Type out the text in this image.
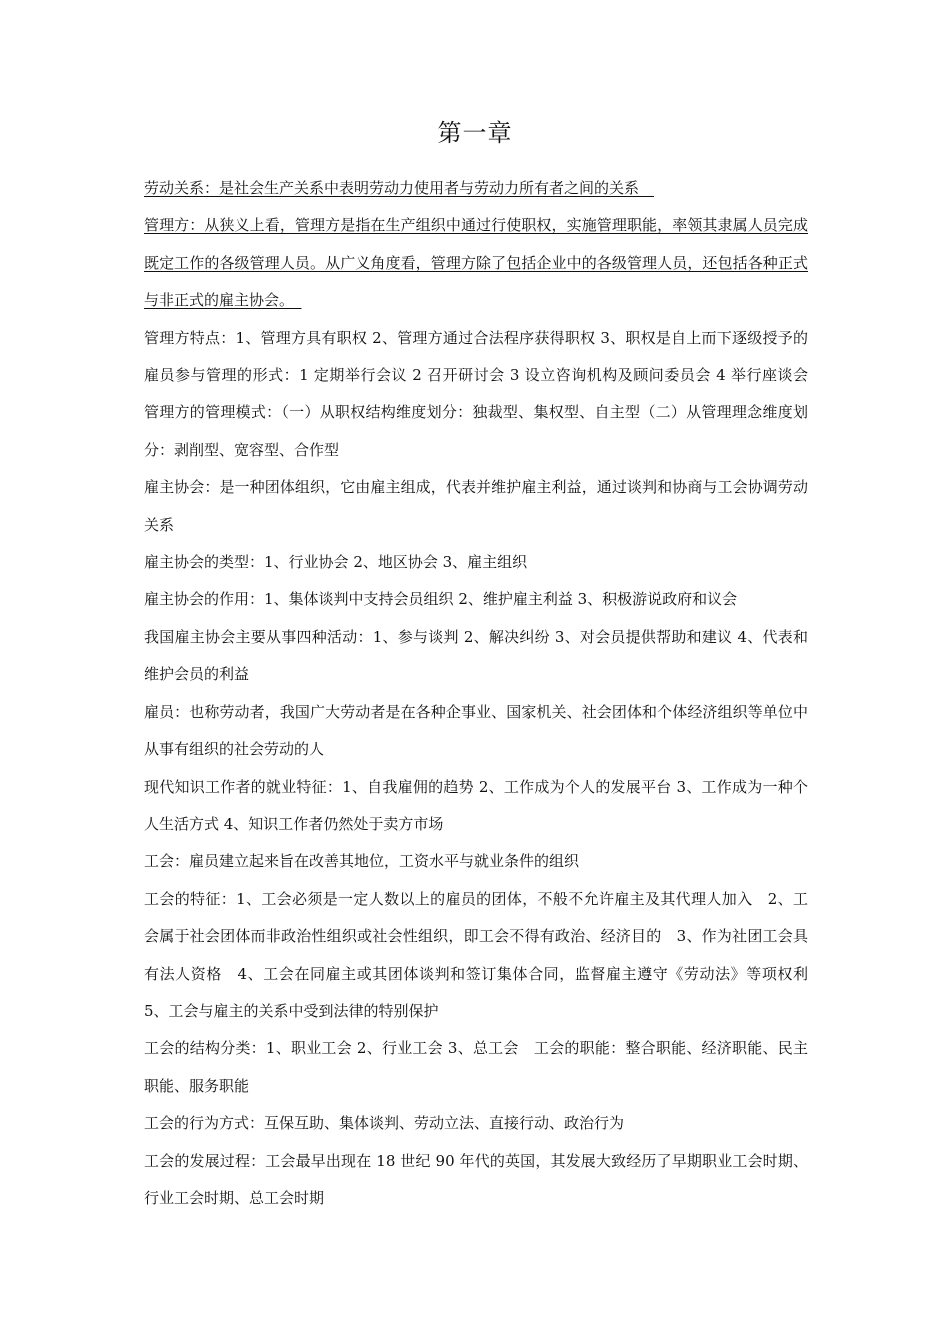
第一章

劳动关系：是社会生产关系中表明劳动力使用者与劳动力所有者之间的关系　

管理方：从狭义上看，管理方是指在生产组织中通过行使职权，实施管理职能，率领其隶属人员完成既定工作的各级管理人员。从广义角度看，管理方除了包括企业中的各级管理人员，还包括各种正式与非正式的雇主协会。　

管理方特点：1、管理方具有职权 2、管理方通过合法程序获得职权 3、职权是自上而下逐级授予的　雇员参与管理的形式：1 定期举行会议 2 召开研讨会 3 设立咨询机构及顾问委员会 4 举行座谈会　管理方的管理模式：（一）从职权结构维度划分：独裁型、集权型、自主型（二）从管理理念维度划分：剥削型、宽容型、合作型

雇主协会：是一种团体组织，它由雇主组成，代表并维护雇主利益，通过谈判和协商与工会协调劳动关系

雇主协会的类型：1、行业协会 2、地区协会 3、雇主组织

雇主协会的作用：1、集体谈判中支持会员组织 2、维护雇主利益 3、积极游说政府和议会

我国雇主协会主要从事四种活动：1、参与谈判 2、解决纠纷 3、对会员提供帮助和建议 4、代表和维护会员的利益

雇员：也称劳动者，我国广大劳动者是在各种企事业、国家机关、社会团体和个体经济组织等单位中从事有组织的社会劳动的人

现代知识工作者的就业特征：1、自我雇佣的趋势 2、工作成为个人的发展平台 3、工作成为一种个人生活方式 4、知识工作者仍然处于卖方市场

工会：雇员建立起来旨在改善其地位，工资水平与就业条件的组织

工会的特征：1、工会必须是一定人数以上的雇员的团体，不般不允许雇主及其代理人加入　2、工会属于社会团体而非政治性组织或社会性组织，即工会不得有政治、经济目的　3、作为社团工会具有法人资格　4、工会在同雇主或其团体谈判和签订集体合同，监督雇主遵守《劳动法》等项权利　5、工会与雇主的关系中受到法律的特别保护

工会的结构分类：1、职业工会 2、行业工会 3、总工会　工会的职能：整合职能、经济职能、民主职能、服务职能

工会的行为方式：互保互助、集体谈判、劳动立法、直接行动、政治行为

工会的发展过程：工会最早出现在 18 世纪 90 年代的英国，其发展大致经历了早期职业工会时期、行业工会时期、总工会时期
